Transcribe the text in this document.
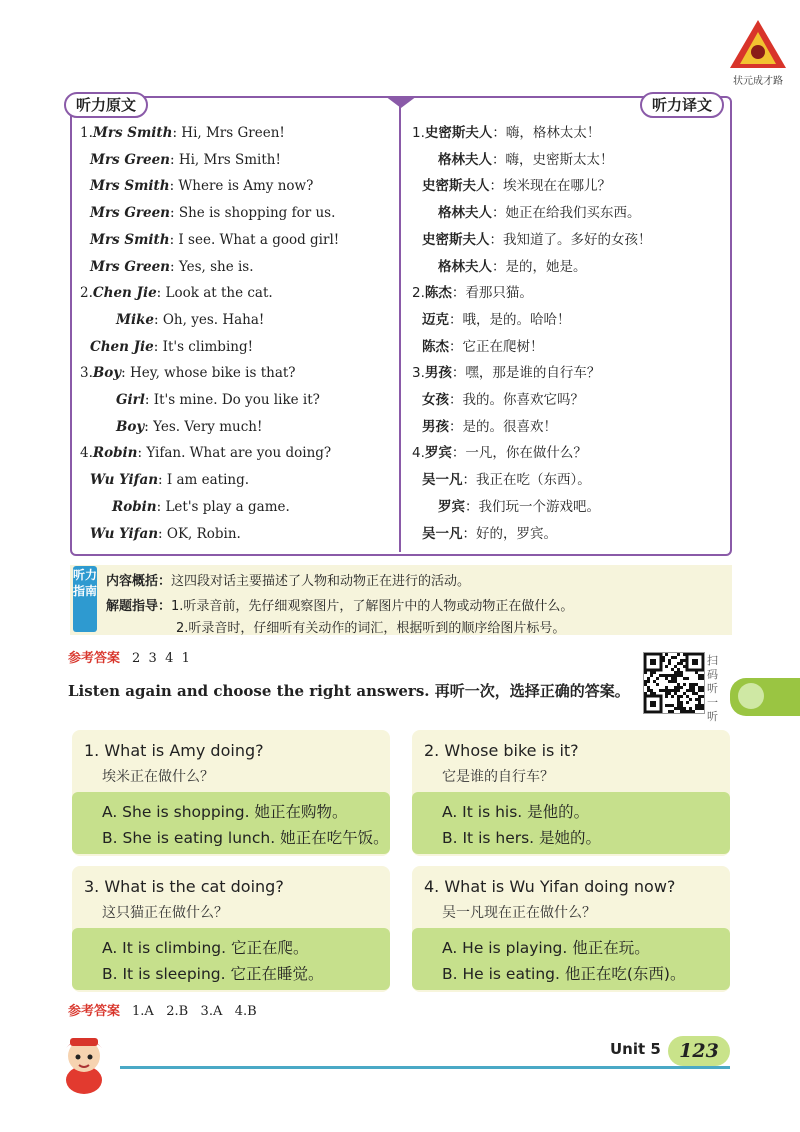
状元成才路
听力原文	听力译文
1.Mrs Smith: Hi, Mrs Green!
Mrs Green: Hi, Mrs Smith!
Mrs Smith: Where is Amy now?
Mrs Green: She is shopping for us.
Mrs Smith: I see. What a good girl!
Mrs Green: Yes, she is.
2.Chen Jie: Look at the cat.
Mike: Oh, yes. Haha!
Chen Jie: It's climbing!
3.Boy: Hey, whose bike is that?
Girl: It's mine. Do you like it?
Boy: Yes. Very much!
4.Robin: Yifan. What are you doing?
Wu Yifan: I am eating.
Robin: Let's play a game.
Wu Yifan: OK, Robin.
1.史密斯夫人：嗨，格林太太！
格林夫人：嗨，史密斯太太！
史密斯夫人：埃米现在在哪儿？
格林夫人：她正在给我们买东西。
史密斯夫人：我知道了。多好的女孩！
格林夫人：是的，她是。
2.陈杰：看那只猫。
迈克：哦，是的。哈哈！
陈杰：它正在爬树！
3.男孩：嘿，那是谁的自行车？
女孩：我的。你喜欢它吗？
男孩：是的。很喜欢！
4.罗宾：一凡，你在做什么？
吴一凡：我正在吃（东西）。
罗宾：我们玩一个游戏吧。
吴一凡：好的，罗宾。
听力指南
内容概括：这四段对话主要描述了人物和动物正在进行的活动。
解题指导：1.听录音前，先仔细观察图片，了解图片中的人物或动物正在做什么。
2.听录音时，仔细听有关动作的词汇，根据听到的顺序给图片标号。
参考答案 2  3  4  1
Listen again and choose the right answers. 再听一次，选择正确的答案。
扫码听一听
1. What is Amy doing?
埃米正在做什么？
A. She is shopping. 她正在购物。
B. She is eating lunch. 她正在吃午饭。
2. Whose bike is it?
它是谁的自行车？
A. It is his. 是他的。
B. It is hers. 是她的。
3. What is the cat doing?
这只猫正在做什么？
A. It is climbing. 它正在爬。
B. It is sleeping. 它正在睡觉。
4. What is Wu Yifan doing now?
吴一凡现在正在做什么？
A. He is playing. 他正在玩。
B. He is eating. 他正在吃(东西)。
参考答案 1.A   2.B   3.A   4.B
Unit 5 123
